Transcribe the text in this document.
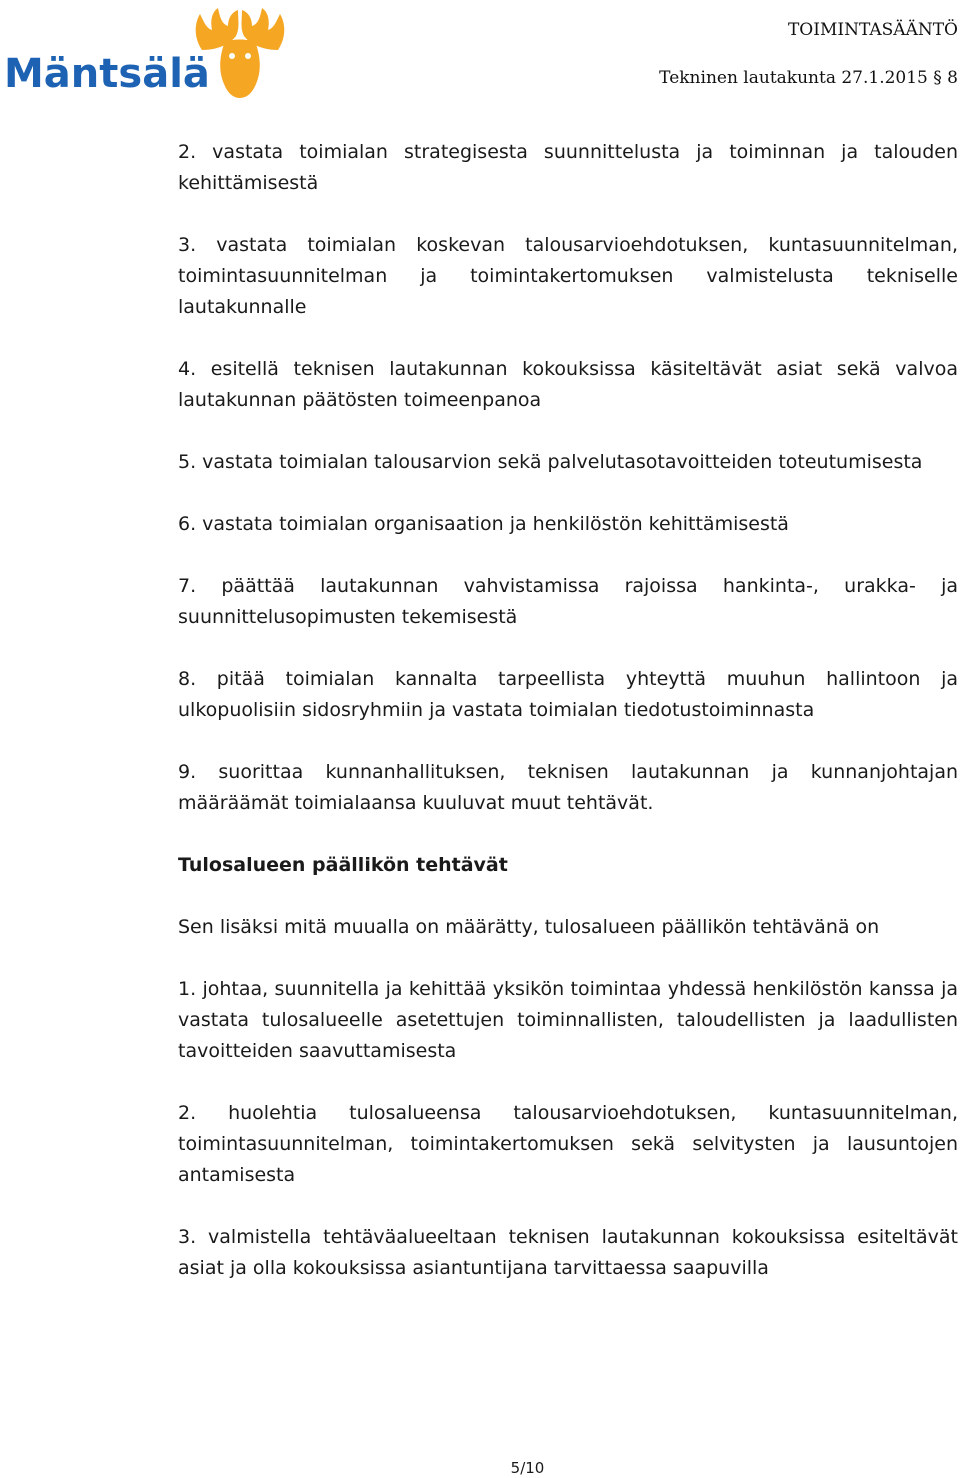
Mäntsälä
TOIMINTASÄÄNTÖ
Tekninen lautakunta 27.1.2015 § 8

2. vastata toimialan strategisesta suunnittelusta ja toiminnan ja talouden kehittämisestä

3. vastata toimialan koskevan talousarvioehdotuksen, kuntasuunnitelman, toimintasuunnitelman ja toimintakertomuksen valmistelusta tekniselle lautakunnalle

4. esitellä teknisen lautakunnan kokouksissa käsiteltävät asiat sekä valvoa lautakunnan päätösten toimeenpanoa

5. vastata toimialan talousarvion sekä palvelutasotavoitteiden toteutumisesta

6. vastata toimialan organisaation ja henkilöstön kehittämisestä

7. päättää lautakunnan vahvistamissa rajoissa hankinta-, urakka- ja suunnittelusopimusten tekemisestä

8. pitää toimialan kannalta tarpeellista yhteyttä muuhun hallintoon ja ulkopuolisiin sidosryhmiin ja vastata toimialan tiedotustoiminnasta

9. suorittaa kunnanhallituksen, teknisen lautakunnan ja kunnanjohtajan määräämät toimialaansa kuuluvat muut tehtävät.

Tulosalueen päällikön tehtävät

Sen lisäksi mitä muualla on määrätty, tulosalueen päällikön tehtävänä on

1. johtaa, suunnitella ja kehittää yksikön toimintaa yhdessä henkilöstön kanssa ja vastata tulosalueelle asetettujen toiminnallisten, taloudellisten ja laadullisten tavoitteiden saavuttamisesta

2. huolehtia tulosalueensa talousarvioehdotuksen, kuntasuunnitelman, toimintasuunnitelman, toimintakertomuksen sekä selvitysten ja lausuntojen antamisesta

3. valmistella tehtäväalueeltaan teknisen lautakunnan kokouksissa esiteltävät asiat ja olla kokouksissa asiantuntijana tarvittaessa saapuvilla

5/10
